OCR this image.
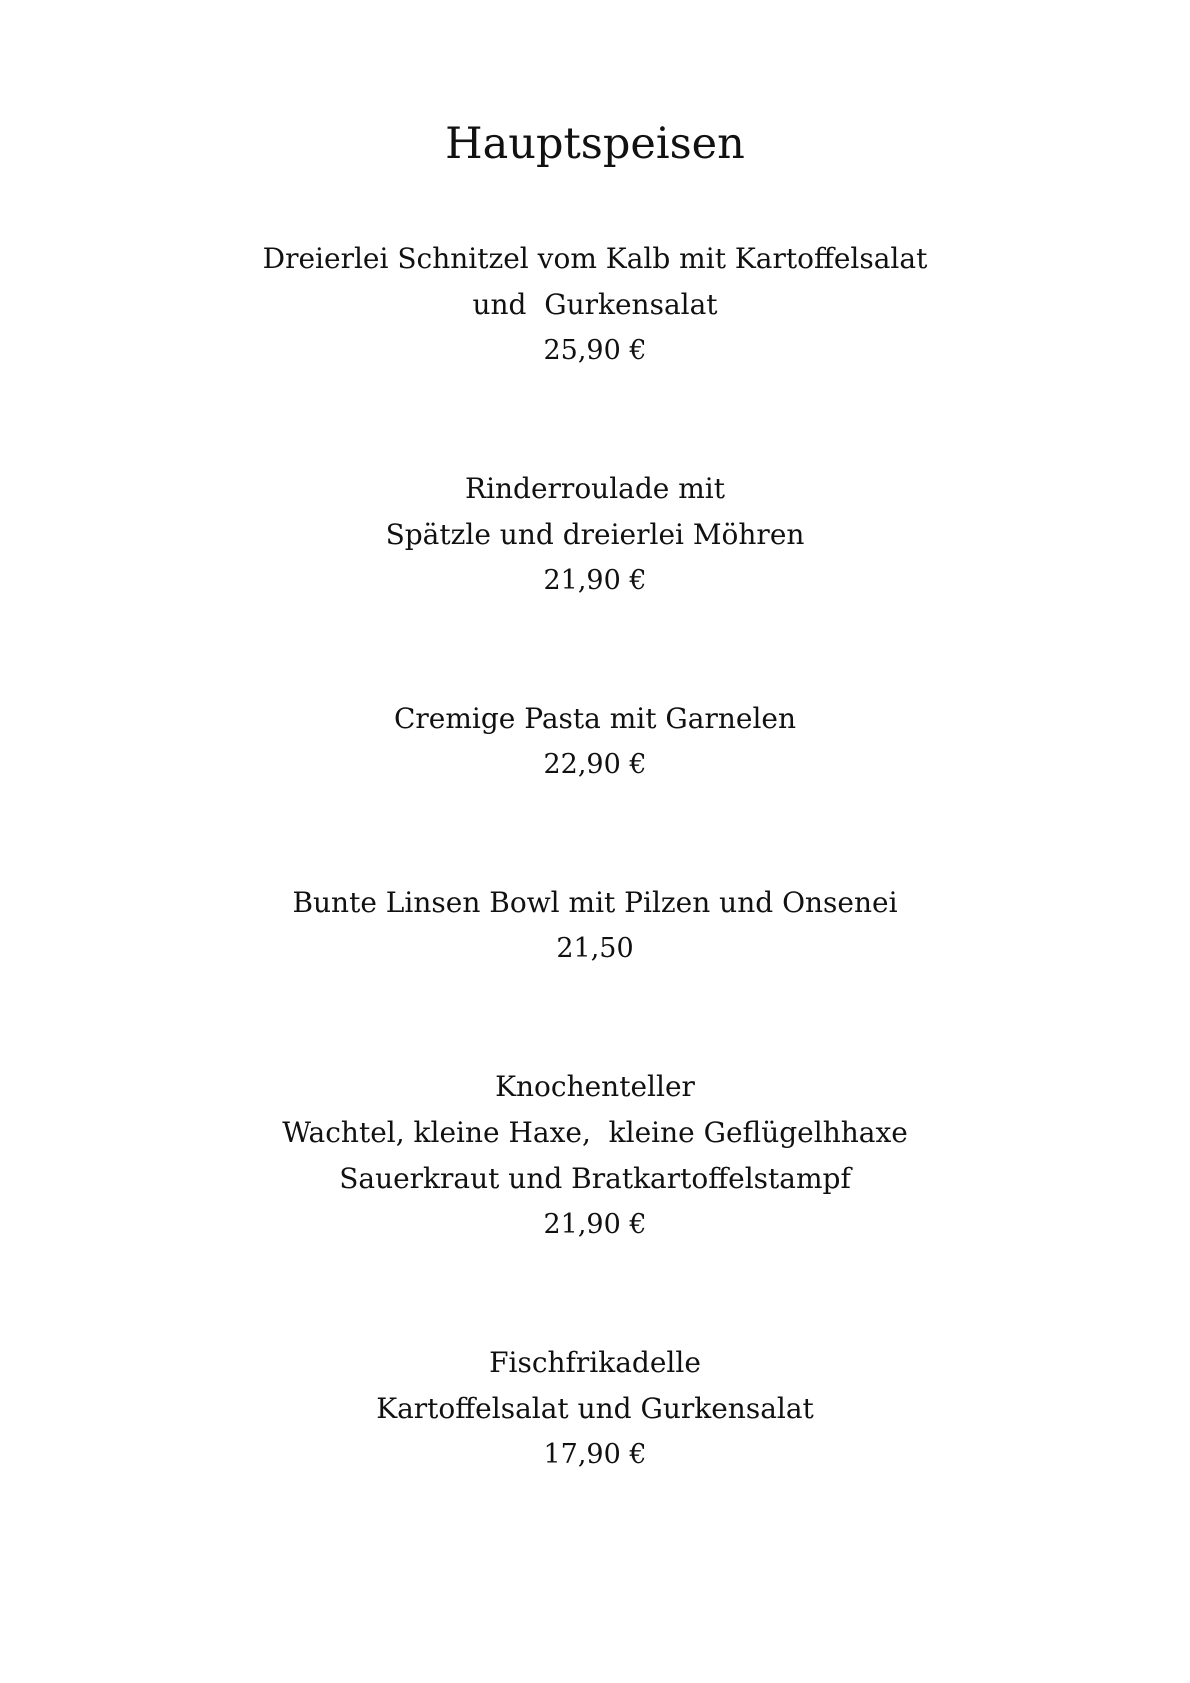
Hauptspeisen
Dreierlei Schnitzel vom Kalb mit Kartoffelsalat
und  Gurkensalat
25,90 €
Rinderroulade mit
Spätzle und dreierlei Möhren
21,90 €
Cremige Pasta mit Garnelen
22,90 €
Bunte Linsen Bowl mit Pilzen und Onsenei
21,50
Knochenteller
Wachtel, kleine Haxe,  kleine Geflügelhhaxe
Sauerkraut und Bratkartoffelstampf
21,90 €
Fischfrikadelle
Kartoffelsalat und Gurkensalat
17,90 €
